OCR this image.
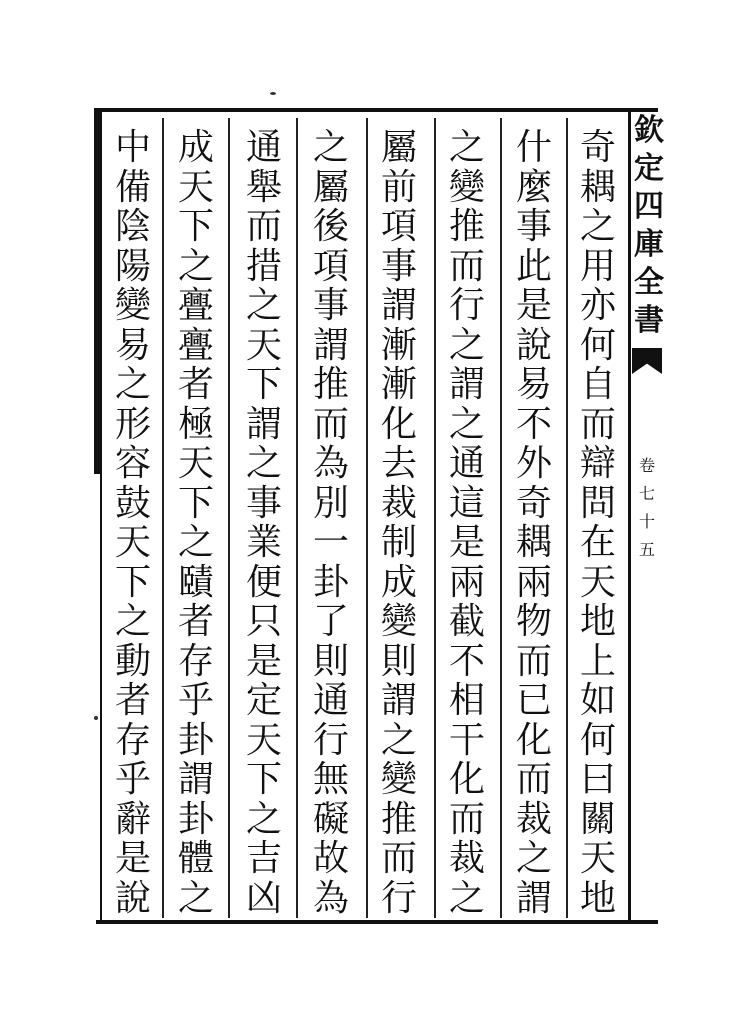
奇
耦
之
用
亦
何
自
而
辯
問
在
天
地
上
如
何
曰
關
天
地
什
麼
事
此
是
說
易
不
外
奇
耦
兩
物
而
已
化
而
裁
之
謂
之
變
推
而
行
之
謂
之
通
這
是
兩
截
不
相
干
化
而
裁
之
屬
前
項
事
謂
漸
漸
化
去
裁
制
成
變
則
謂
之
變
推
而
行
之
屬
後
項
事
謂
推
而
為
別
一
卦
了
則
通
行
無
礙
故
為
通
舉
而
措
之
天
下
謂
之
事
業
便
只
是
定
天
下
之
吉
凶
成
天
下
之
亹
亹
者
極
天
下
之
賾
者
存
乎
卦
謂
卦
體
之
中
備
陰
陽
變
易
之
形
容
鼓
天
下
之
動
者
存
乎
辭
是
說
欽
定
四
庫
全
書
卷
七
十
五
